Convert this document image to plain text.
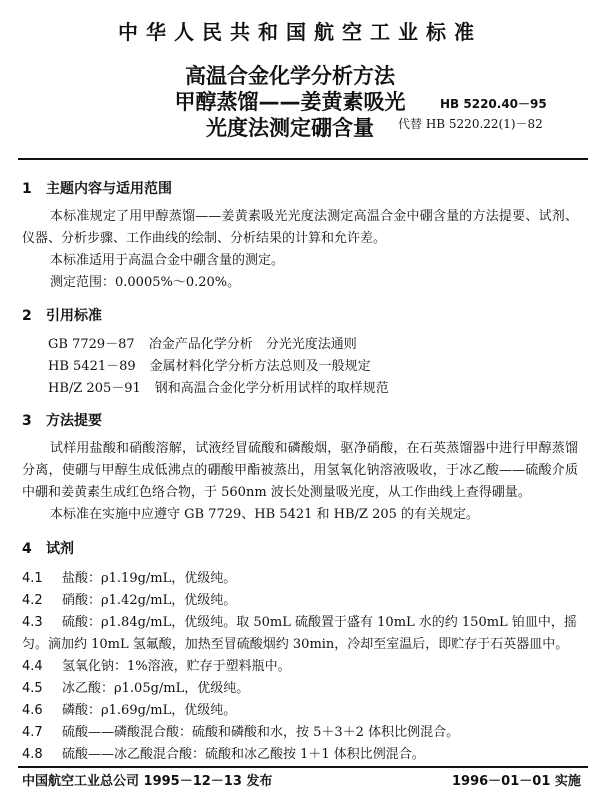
中华人民共和国航空工业标准
高温合金化学分析方法
甲醇蒸馏——姜黄素吸光
光度法测定硼含量
HB 5220.40－95
代替 HB 5220.22(1)－82
1 主题内容与适用范围
本标准规定了用甲醇蒸馏——姜黄素吸光光度法测定高温合金中硼含量的方法提要、试剂、仪器、分析步骤、工作曲线的绘制、分析结果的计算和允许差。
本标准适用于高温合金中硼含量的测定。
测定范围：0.0005%～0.20%。
2 引用标准
GB 7729－87 冶金产品化学分析　分光光度法通则
HB 5421－89 金属材料化学分析方法总则及一般规定
HB/Z 205－91 钢和高温合金化学分析用试样的取样规范
3 方法提要
试样用盐酸和硝酸溶解，试液经冒硫酸和磷酸烟，驱净硝酸，在石英蒸馏器中进行甲醇蒸馏分离，使硼与甲醇生成低沸点的硼酸甲酯被蒸出，用氢氧化钠溶液吸收，于冰乙酸——硫酸介质中硼和姜黄素生成红色络合物，于 560nm 波长处测量吸光度，从工作曲线上查得硼量。
本标准在实施中应遵守 GB 7729、HB 5421 和 HB/Z 205 的有关规定。
4 试剂
4.1 盐酸：ρ1.19g/mL，优级纯。
4.2 硝酸：ρ1.42g/mL，优级纯。
4.3 硫酸：ρ1.84g/mL，优级纯。取 50mL 硫酸置于盛有 10mL 水的约 150mL 铂皿中，摇匀。滴加约 10mL 氢氟酸，加热至冒硫酸烟约 30min，冷却至室温后，即贮存于石英器皿中。
4.4 氢氧化钠：1%溶液，贮存于塑料瓶中。
4.5 冰乙酸：ρ1.05g/mL，优级纯。
4.6 磷酸：ρ1.69g/mL，优级纯。
4.7 硫酸——磷酸混合酸：硫酸和磷酸和水，按 5＋3＋2 体积比例混合。
4.8 硫酸——冰乙酸混合酸：硫酸和冰乙酸按 1＋1 体积比例混合。
中国航空工业总公司 1995－12－13 发布	1996－01－01 实施
